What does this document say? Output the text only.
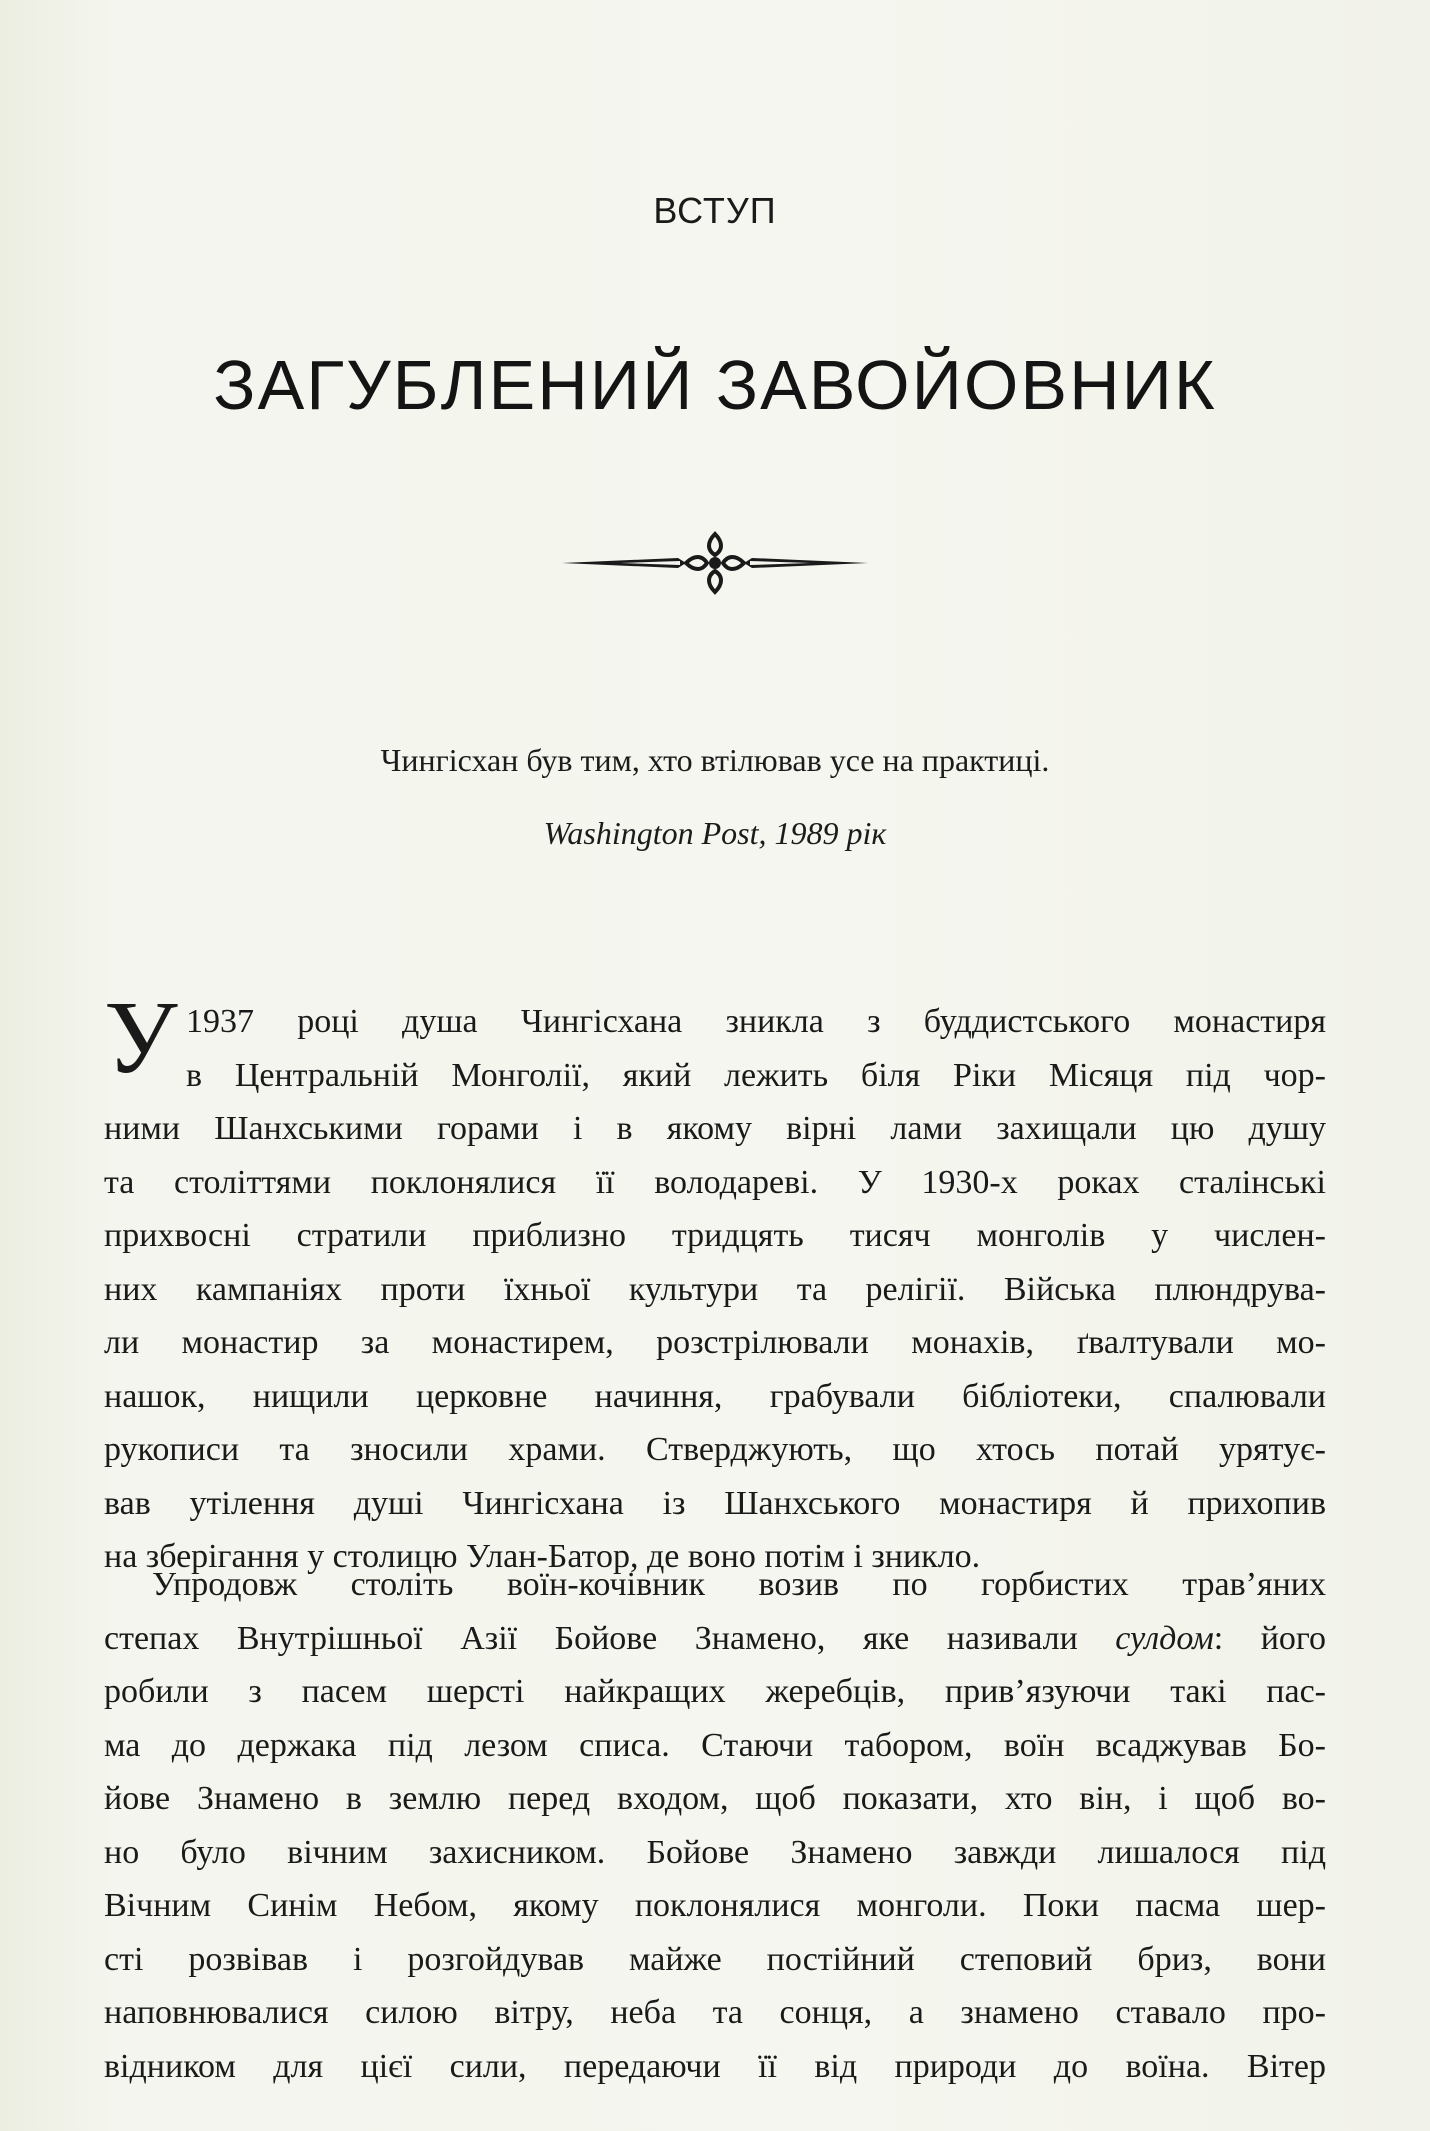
ВСТУП
ЗАГУБЛЕНИЙ ЗАВОЙОВНИК
Чингісхан був тим, хто втілював усе на практиці.
Washington Post, 1989 рік
У 1937 році душа Чингісхана зникла з буддистського монастиря
в Центральній Монголії, який лежить біля Ріки Місяця під чор-
ними Шанхськими горами і в якому вірні лами захищали цю душу
та століттями поклонялися її володареві. У 1930-х роках сталінські
прихвосні стратили приблизно тридцять тисяч монголів у числен-
них кампаніях проти їхньої культури та релігії. Війська плюндрува-
ли монастир за монастирем, розстрілювали монахів, ґвалтували мо-
нашок, нищили церковне начиння, грабували бібліотеки, спалювали
рукописи та зносили храми. Стверджують, що хтось потай урятує-
вав утілення душі Чингісхана із Шанхського монастиря й прихопив
на зберігання у столицю Улан-Батор, де воно потім і зникло.
Упродовж століть воїн-кочівник возив по горбистих трав’яних
степах Внутрішньої Азії Бойове Знамено, яке називали сулдом: його
робили з пасем шерсті найкращих жеребців, прив’язуючи такі пас-
ма до держака під лезом списа. Стаючи табором, воїн всаджував Бо-
йове Знамено в землю перед входом, щоб показати, хто він, і щоб во-
но було вічним захисником. Бойове Знамено завжди лишалося під
Вічним Синім Небом, якому поклонялися монголи. Поки пасма шер-
сті розвівав і розгойдував майже постійний степовий бриз, вони
наповнювалися силою вітру, неба та сонця, а знамено ставало про-
відником для цієї сили, передаючи її від природи до воїна. Вітер
